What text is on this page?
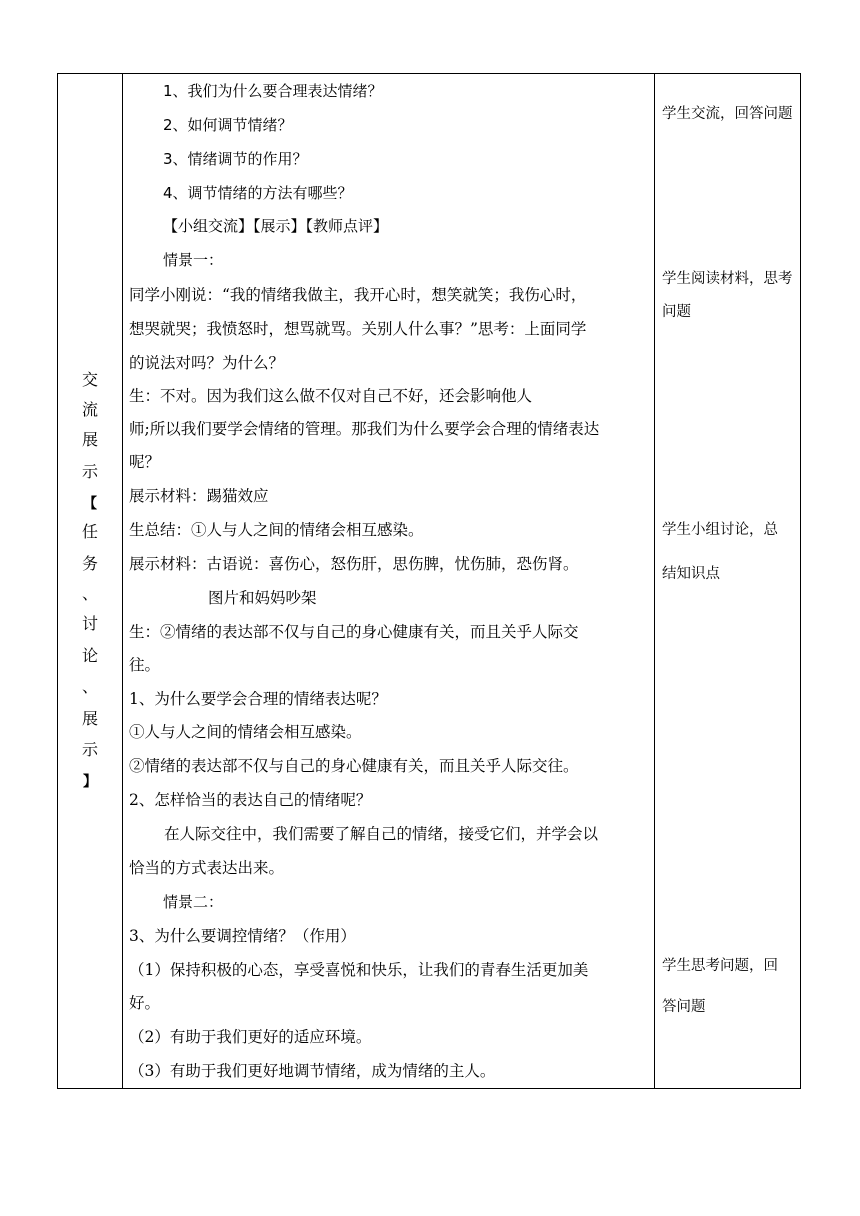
交
流
展
示
【
任
务
、
讨
论
、
展
示
】
1、我们为什么要合理表达情绪？
2、如何调节情绪？
3、情绪调节的作用？
4、调节情绪的方法有哪些？
【小组交流】【展示】【教师点评】
情景一：
同学小刚说：“我的情绪我做主，我开心时，想笑就笑；我伤心时，
想哭就哭；我愤怒时，想骂就骂。关别人什么事？”思考：上面同学
的说法对吗？为什么？
生：不对。因为我们这么做不仅对自己不好，还会影响他人
师;所以我们要学会情绪的管理。那我们为什么要学会合理的情绪表达
呢？
展示材料：踢猫效应
生总结：①人与人之间的情绪会相互感染。
展示材料：古语说：喜伤心，怒伤肝，思伤脾，忧伤肺，恐伤肾。
图片和妈妈吵架
生：②情绪的表达部不仅与自己的身心健康有关，而且关乎人际交
往。
1、为什么要学会合理的情绪表达呢？
①人与人之间的情绪会相互感染。
②情绪的表达部不仅与自己的身心健康有关，而且关乎人际交往。
2、怎样恰当的表达自己的情绪呢？
在人际交往中，我们需要了解自己的情绪，接受它们，并学会以
恰当的方式表达出来。
情景二：
3、为什么要调控情绪？（作用）
（1）保持积极的心态，享受喜悦和快乐，让我们的青春生活更加美
好。
（2）有助于我们更好的适应环境。
（3）有助于我们更好地调节情绪，成为情绪的主人。
学生交流，回答问题
学生阅读材料，思考
问题
学生小组讨论，总
结知识点
学生思考问题，回
答问题
